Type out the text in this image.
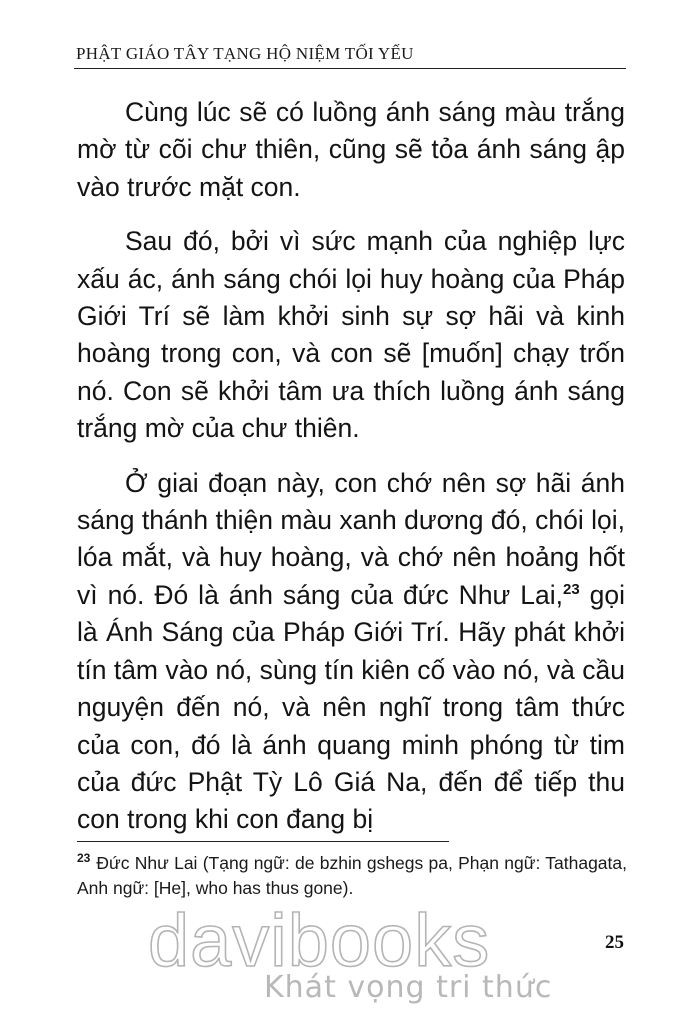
PHẬT GIÁO TÂY TẠNG HỘ NIỆM TỐI YẾU

Cùng lúc sẽ có luồng ánh sáng màu trắng mờ từ cõi chư thiên, cũng sẽ tỏa ánh sáng ập vào trước mặt con.

Sau đó, bởi vì sức mạnh của nghiệp lực xấu ác, ánh sáng chói lọi huy hoàng của Pháp Giới Trí sẽ làm khởi sinh sự sợ hãi và kinh hoàng trong con, và con sẽ [muốn] chạy trốn nó. Con sẽ khởi tâm ưa thích luồng ánh sáng trắng mờ của chư thiên.

Ở giai đoạn này, con chớ nên sợ hãi ánh sáng thánh thiện màu xanh dương đó, chói lọi, lóa mắt, và huy hoàng, và chớ nên hoảng hốt vì nó. Đó là ánh sáng của đức Như Lai,$^{23}$ gọi là Ánh Sáng của Pháp Giới Trí. Hãy phát khởi tín tâm vào nó, sùng tín kiên cố vào nó, và cầu nguyện đến nó, và nên nghĩ trong tâm thức của con, đó là ánh quang minh phóng từ tim của đức Phật Tỳ Lô Giá Na, đến để tiếp thu con trong khi con đang bị

$^{23}$ Đức Như Lai (Tạng ngữ: de bzhin gshegs pa, Phạn ngữ: Tathagata, Anh ngữ: [He], who has thus gone).
davibooks	25
Khát vọng tri thức
